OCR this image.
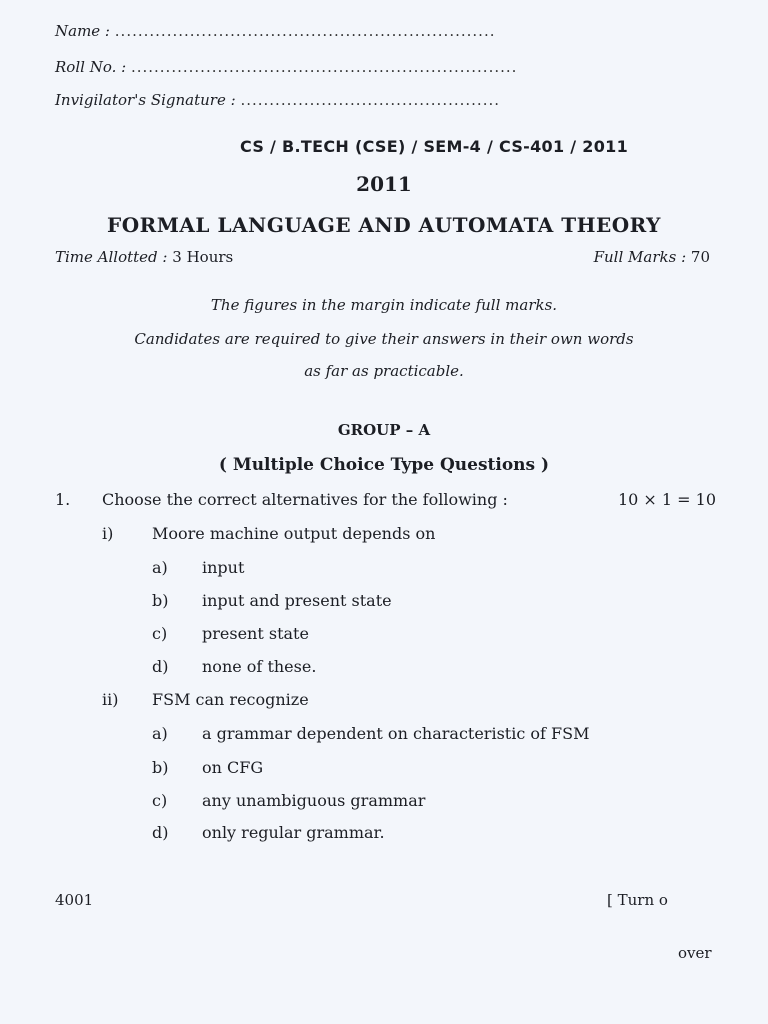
Name : ..................................................................
Roll No. : ...................................................................
Invigilator's Signature : .............................................
CS / B.TECH (CSE) / SEM-4 / CS-401 / 2011
2011
FORMAL LANGUAGE AND AUTOMATA THEORY
Time Allotted : 3 Hours	Full Marks : 70
The figures in the margin indicate full marks.
Candidates are required to give their answers in their own words
as far as practicable.
GROUP – A
( Multiple Choice Type Questions )
1. Choose the correct alternatives for the following :	10 × 1 = 10
i) Moore machine output depends on
a) input
b) input and present state
c) present state
d) none of these.
ii) FSM can recognize
a) a grammar dependent on characteristic of FSM
b) on CFG
c) any unambiguous grammar
d) only regular grammar.
4001	[ Turn o
over
